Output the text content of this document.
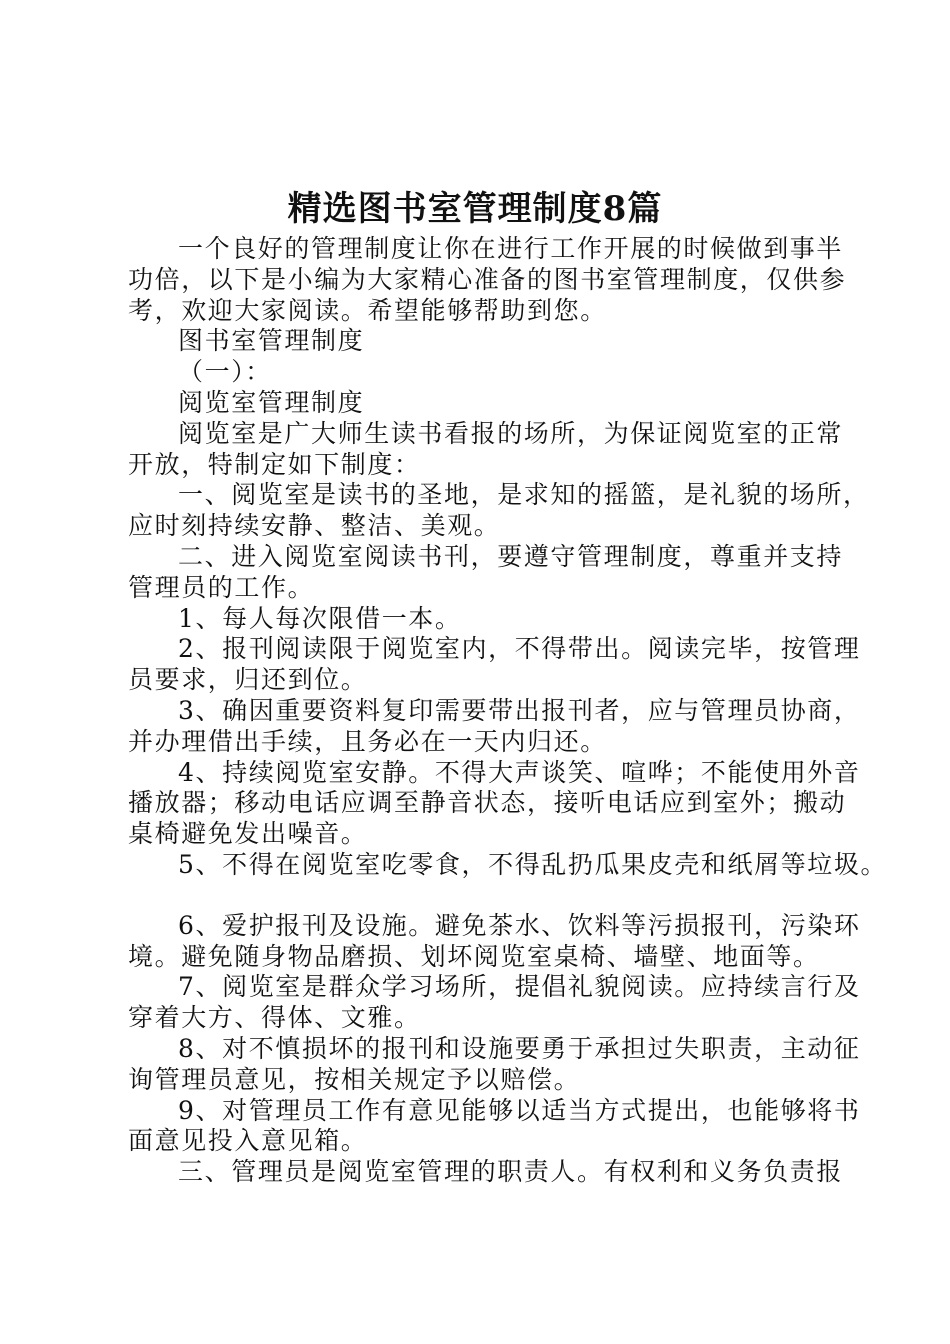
精选图书室管理制度8篇
一个良好的管理制度让你在进行工作开展的时候做到事半
功倍，以下是小编为大家精心准备的图书室管理制度，仅供参
考，欢迎大家阅读。希望能够帮助到您。
图书室管理制度
（一）：
阅览室管理制度
阅览室是广大师生读书看报的场所，为保证阅览室的正常
开放，特制定如下制度：
一、阅览室是读书的圣地，是求知的摇篮，是礼貌的场所，
应时刻持续安静、整洁、美观。
二、进入阅览室阅读书刊，要遵守管理制度，尊重并支持
管理员的工作。
1、每人每次限借一本。
2、报刊阅读限于阅览室内，不得带出。阅读完毕，按管理
员要求，归还到位。
3、确因重要资料复印需要带出报刊者，应与管理员协商，
并办理借出手续，且务必在一天内归还。
4、持续阅览室安静。不得大声谈笑、喧哗；不能使用外音
播放器；移动电话应调至静音状态，接听电话应到室外；搬动
桌椅避免发出噪音。
5、不得在阅览室吃零食，不得乱扔瓜果皮壳和纸屑等垃圾。
6、爱护报刊及设施。避免茶水、饮料等污损报刊，污染环
境。避免随身物品磨损、划坏阅览室桌椅、墙壁、地面等。
7、阅览室是群众学习场所，提倡礼貌阅读。应持续言行及
穿着大方、得体、文雅。
8、对不慎损坏的报刊和设施要勇于承担过失职责，主动征
询管理员意见，按相关规定予以赔偿。
9、对管理员工作有意见能够以适当方式提出，也能够将书
面意见投入意见箱。
三、管理员是阅览室管理的职责人。有权利和义务负责报
